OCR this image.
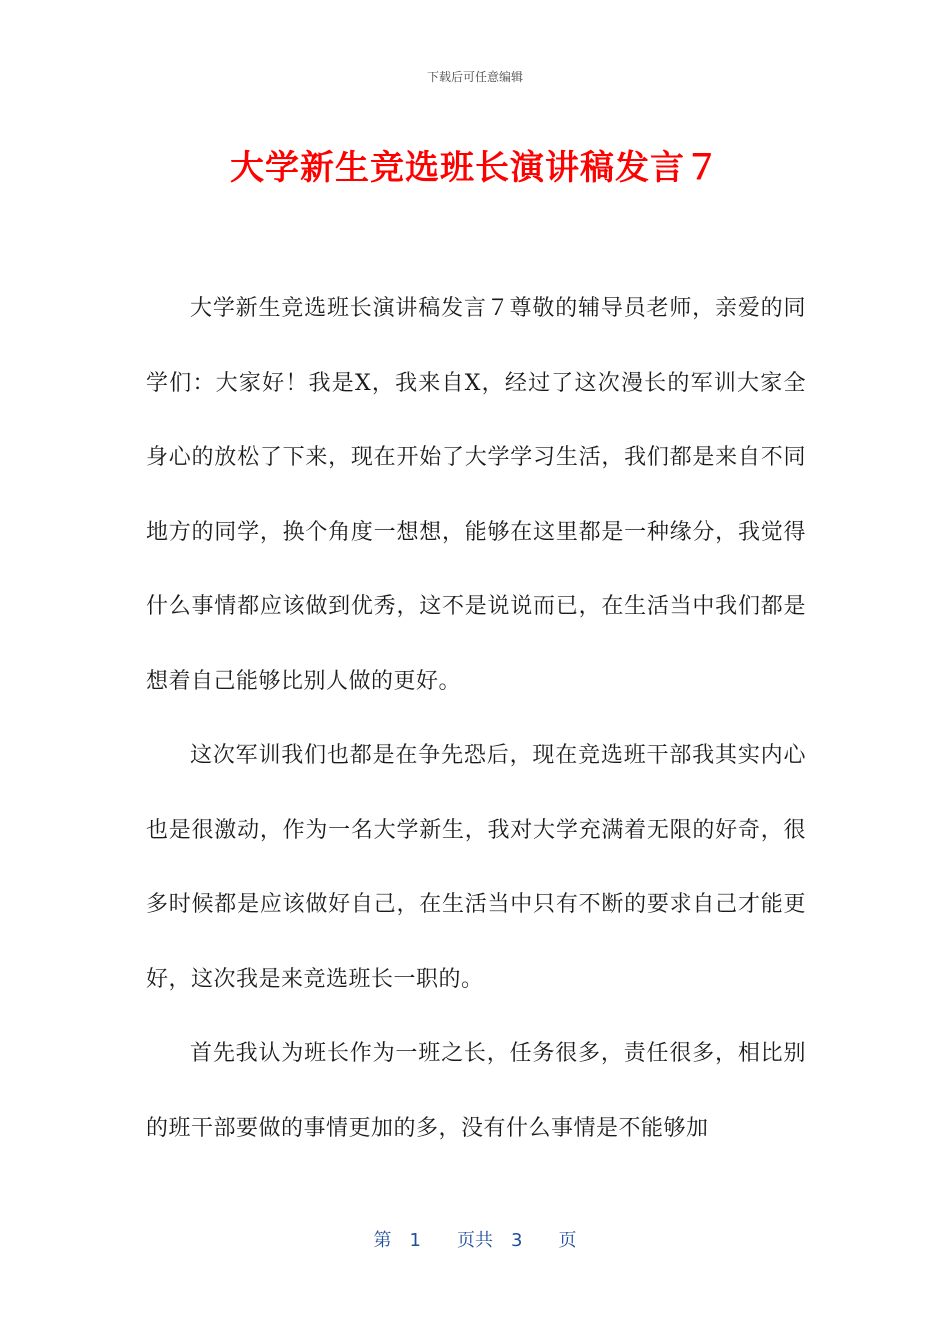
下载后可任意编辑
大学新生竞选班长演讲稿发言７

大学新生竞选班长演讲稿发言７尊敬的辅导员老师，亲爱的同学们：大家好！我是X，我来自X，经过了这次漫长的军训大家全身心的放松了下来，现在开始了大学学习生活，我们都是来自不同地方的同学，换个角度一想想，能够在这里都是一种缘分，我觉得什么事情都应该做到优秀，这不是说说而已，在生活当中我们都是想着自己能够比别人做的更好。

这次军训我们也都是在争先恐后，现在竞选班干部我其实内心也是很激动，作为一名大学新生，我对大学充满着无限的好奇，很多时候都是应该做好自己，在生活当中只有不断的要求自己才能更好，这次我是来竞选班长一职的。

首先我认为班长作为一班之长，任务很多，责任很多，相比别的班干部要做的事情更加的多，没有什么事情是不能够加

第　1　　页共　3　　页
